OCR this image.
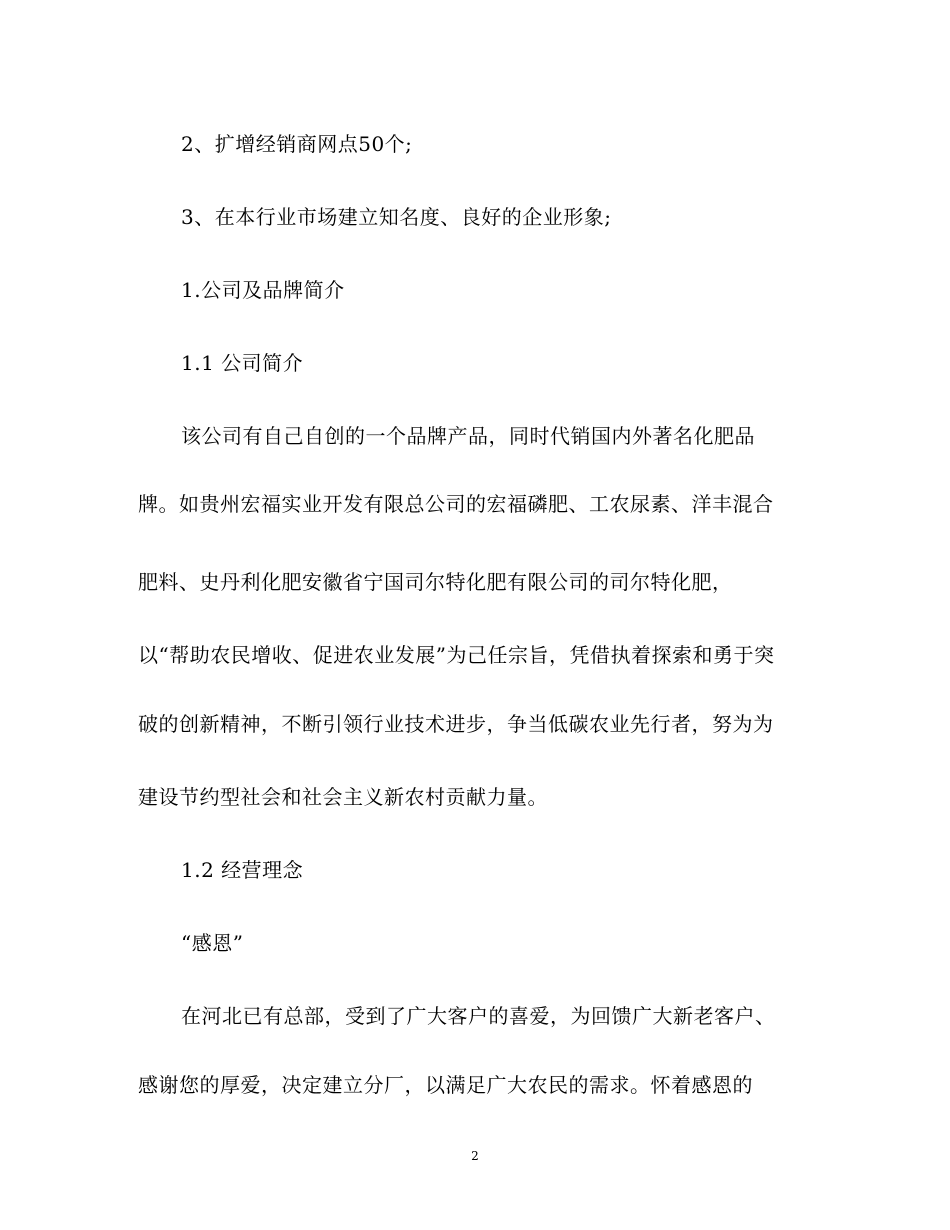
2、扩增经销商网点50个;
3、在本行业市场建立知名度、良好的企业形象;
1.公司及品牌简介
1.1 公司简介
该公司有自己自创的一个品牌产品，同时代销国内外著名化肥品
牌。如贵州宏福实业开发有限总公司的宏福磷肥、工农尿素、洋丰混合
肥料、史丹利化肥安徽省宁国司尔特化肥有限公司的司尔特化肥，
以“帮助农民增收、促进农业发展”为己任宗旨，凭借执着探索和勇于突
破的创新精神，不断引领行业技术进步，争当低碳农业先行者，努为为
建设节约型社会和社会主义新农村贡献力量。
1.2 经营理念
“感恩”
在河北已有总部，受到了广大客户的喜爱，为回馈广大新老客户、
感谢您的厚爱，决定建立分厂，以满足广大农民的需求。怀着感恩的
2
